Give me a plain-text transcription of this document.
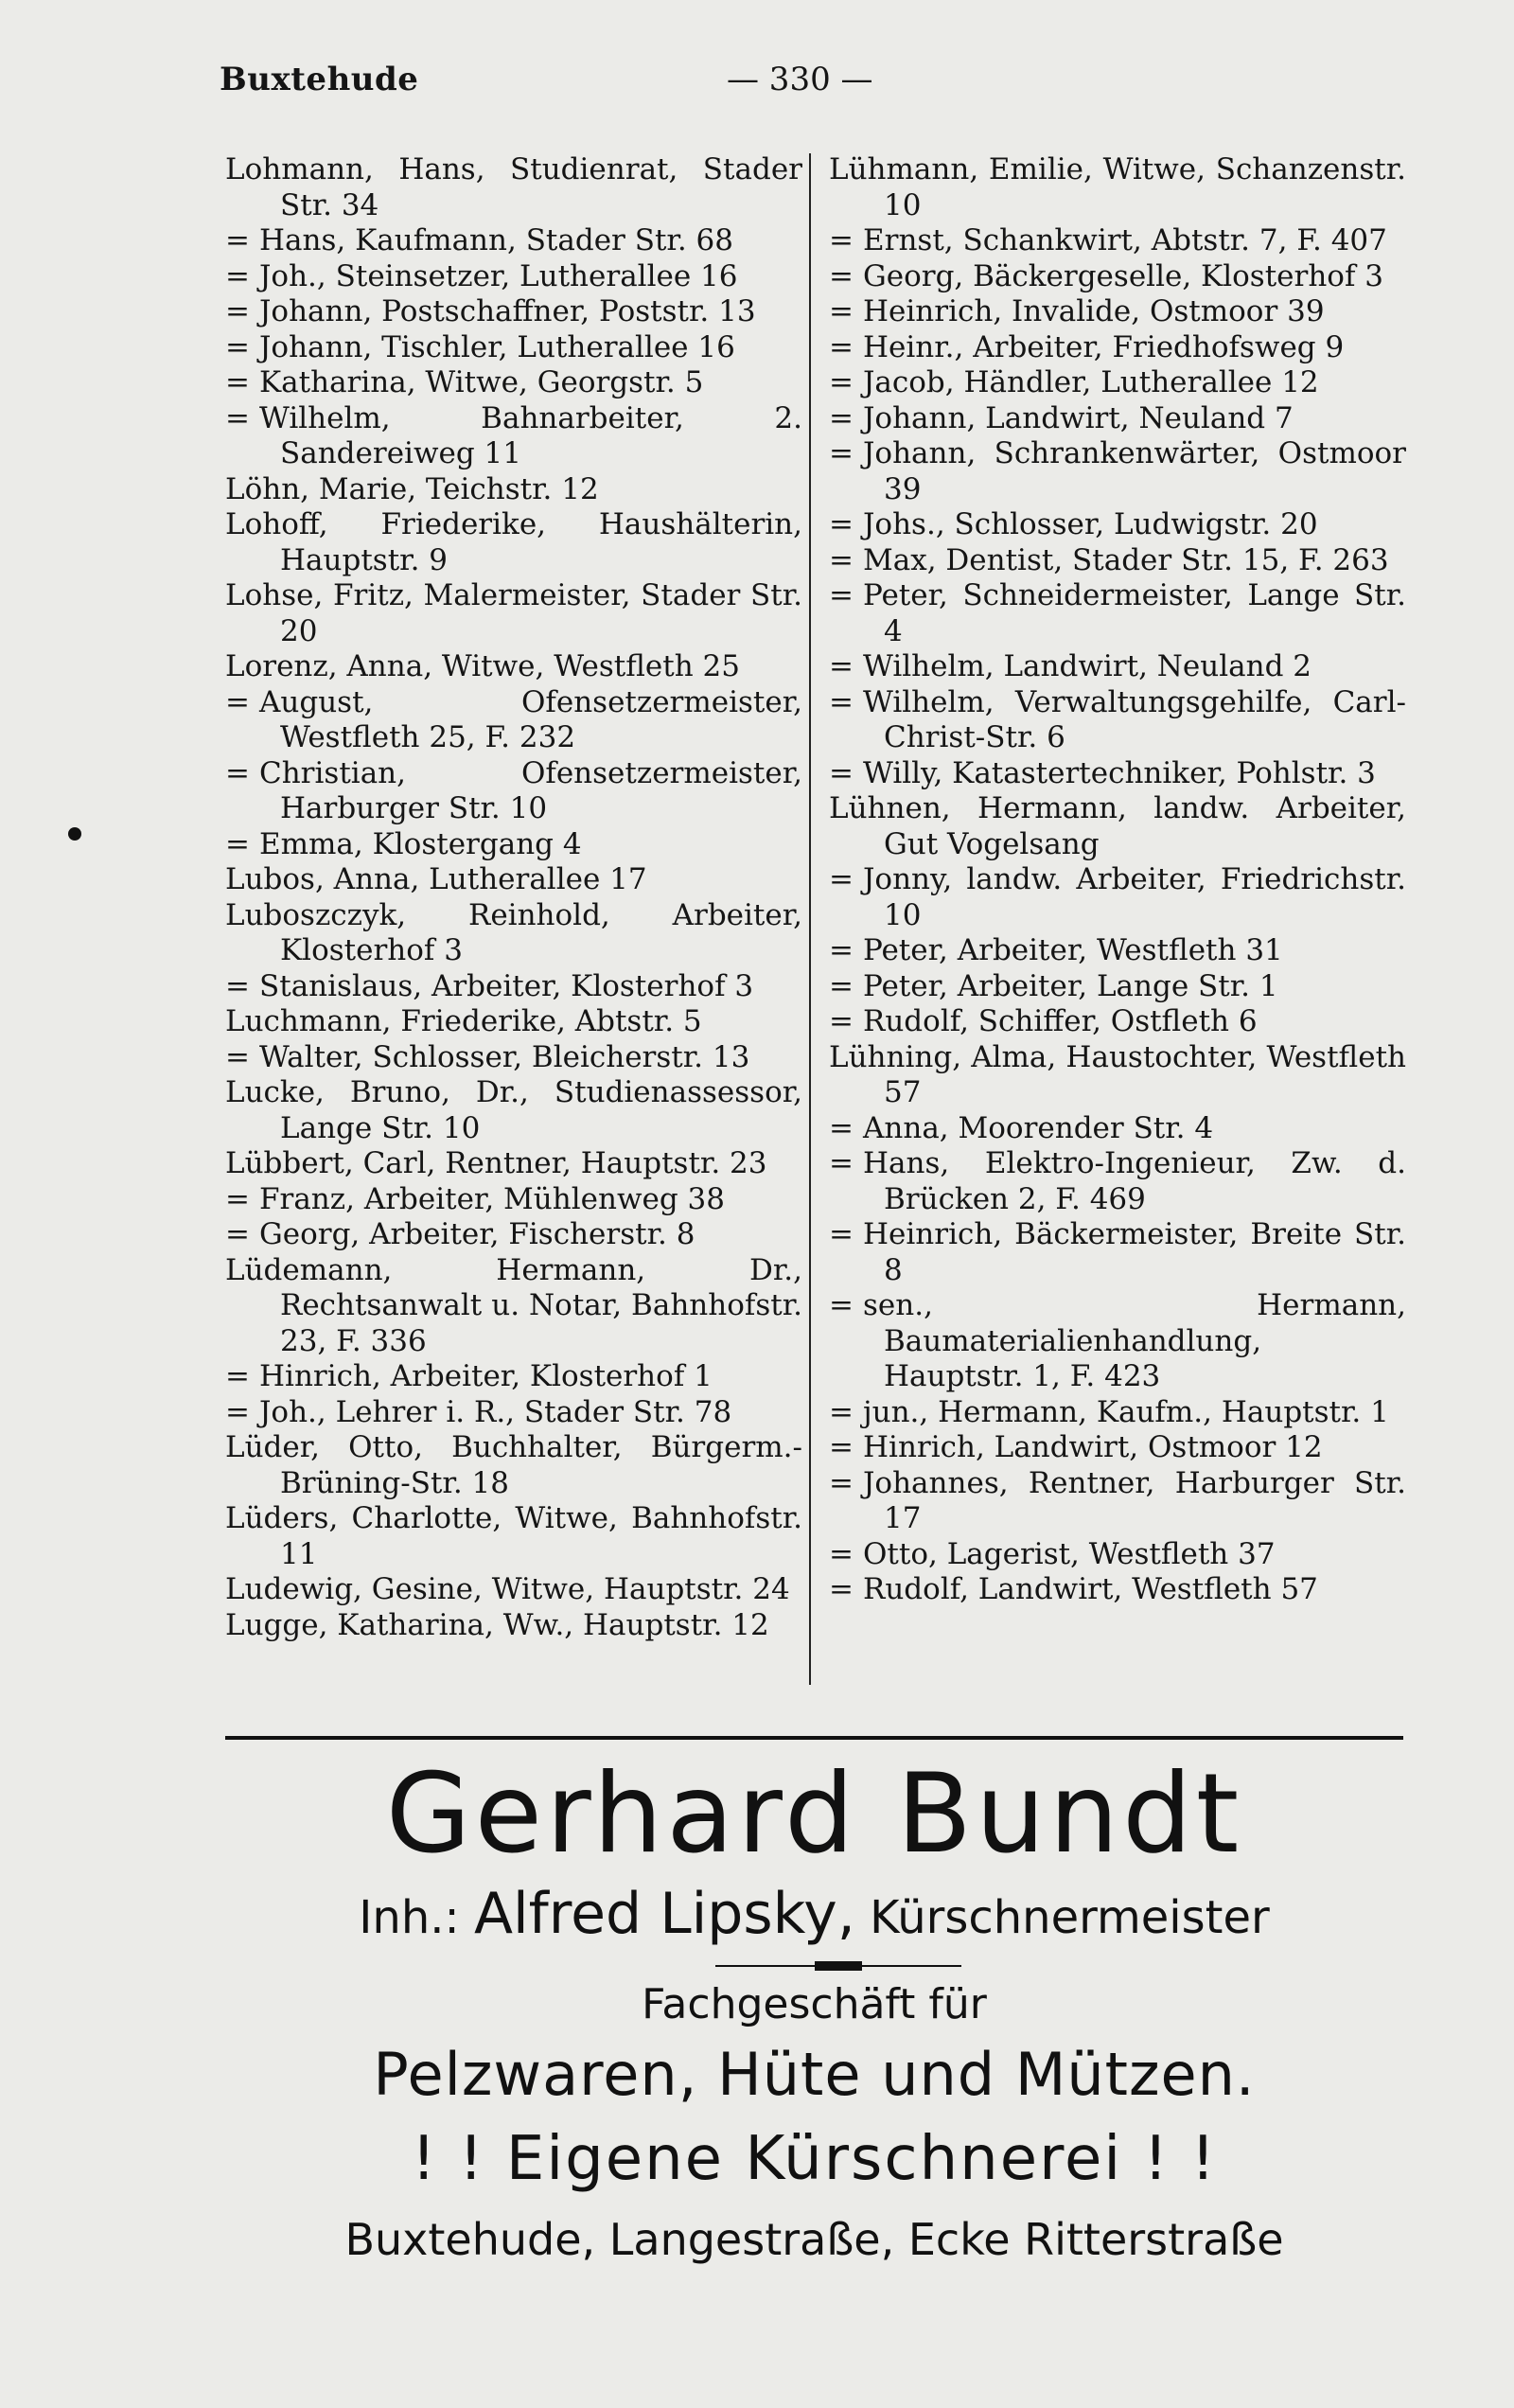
Buxtehude	— 330 —

Lohmann, Hans, Studienrat, Stader Str. 34

= Hans, Kaufmann, Stader Str. 68

= Joh., Steinsetzer, Lutherallee 16

= Johann, Postschaffner, Poststr. 13

= Johann, Tischler, Lutherallee 16

= Katharina, Witwe, Georgstr. 5

= Wilhelm, Bahnarbeiter, 2. Sandereiweg 11

Löhn, Marie, Teichstr. 12

Lohoff, Friederike, Haushälterin, Hauptstr. 9

Lohse, Fritz, Malermeister, Stader Str. 20

Lorenz, Anna, Witwe, Westfleth 25

= August, Ofensetzermeister, Westfleth 25, F. 232

= Christian, Ofensetzermeister, Harburger Str. 10

= Emma, Klostergang 4

Lubos, Anna, Lutherallee 17

Luboszczyk, Reinhold, Arbeiter, Klosterhof 3

= Stanislaus, Arbeiter, Klosterhof 3

Luchmann, Friederike, Abtstr. 5

= Walter, Schlosser, Bleicherstr. 13

Lucke, Bruno, Dr., Studienassessor, Lange Str. 10

Lübbert, Carl, Rentner, Hauptstr. 23

= Franz, Arbeiter, Mühlenweg 38

= Georg, Arbeiter, Fischerstr. 8

Lüdemann, Hermann, Dr., Rechtsanwalt u. Notar, Bahnhofstr. 23, F. 336

= Hinrich, Arbeiter, Klosterhof 1

= Joh., Lehrer i. R., Stader Str. 78

Lüder, Otto, Buchhalter, Bürgerm.-Brüning-Str. 18

Lüders, Charlotte, Witwe, Bahnhofstr. 11

Ludewig, Gesine, Witwe, Hauptstr. 24

Lugge, Katharina, Ww., Hauptstr. 12

Lühmann, Emilie, Witwe, Schanzenstr. 10

= Ernst, Schankwirt, Abtstr. 7, F. 407

= Georg, Bäckergeselle, Klosterhof 3

= Heinrich, Invalide, Ostmoor 39

= Heinr., Arbeiter, Friedhofsweg 9

= Jacob, Händler, Lutherallee 12

= Johann, Landwirt, Neuland 7

= Johann, Schrankenwärter, Ostmoor 39

= Johs., Schlosser, Ludwigstr. 20

= Max, Dentist, Stader Str. 15, F. 263

= Peter, Schneidermeister, Lange Str. 4

= Wilhelm, Landwirt, Neuland 2

= Wilhelm, Verwaltungsgehilfe, Carl-Christ-Str. 6

= Willy, Katastertechniker, Pohlstr. 3

Lühnen, Hermann, landw. Arbeiter, Gut Vogelsang

= Jonny, landw. Arbeiter, Friedrichstr. 10

= Peter, Arbeiter, Westfleth 31

= Peter, Arbeiter, Lange Str. 1

= Rudolf, Schiffer, Ostfleth 6

Lühning, Alma, Haustochter, Westfleth 57

= Anna, Moorender Str. 4

= Hans, Elektro-Ingenieur, Zw. d. Brücken 2, F. 469

= Heinrich, Bäckermeister, Breite Str. 8

= sen., Hermann, Baumaterialienhandlung, Hauptstr. 1, F. 423

= jun., Hermann, Kaufm., Hauptstr. 1

= Hinrich, Landwirt, Ostmoor 12

= Johannes, Rentner, Harburger Str. 17

= Otto, Lagerist, Westfleth 37

= Rudolf, Landwirt, Westfleth 57

Gerhard Bundt
Inh.: Alfred Lipsky, Kürschnermeister
Fachgeschäft für
Pelzwaren, Hüte und Mützen.
! ! Eigene Kürschnerei ! !
Buxtehude, Langestraße, Ecke Ritterstraße
